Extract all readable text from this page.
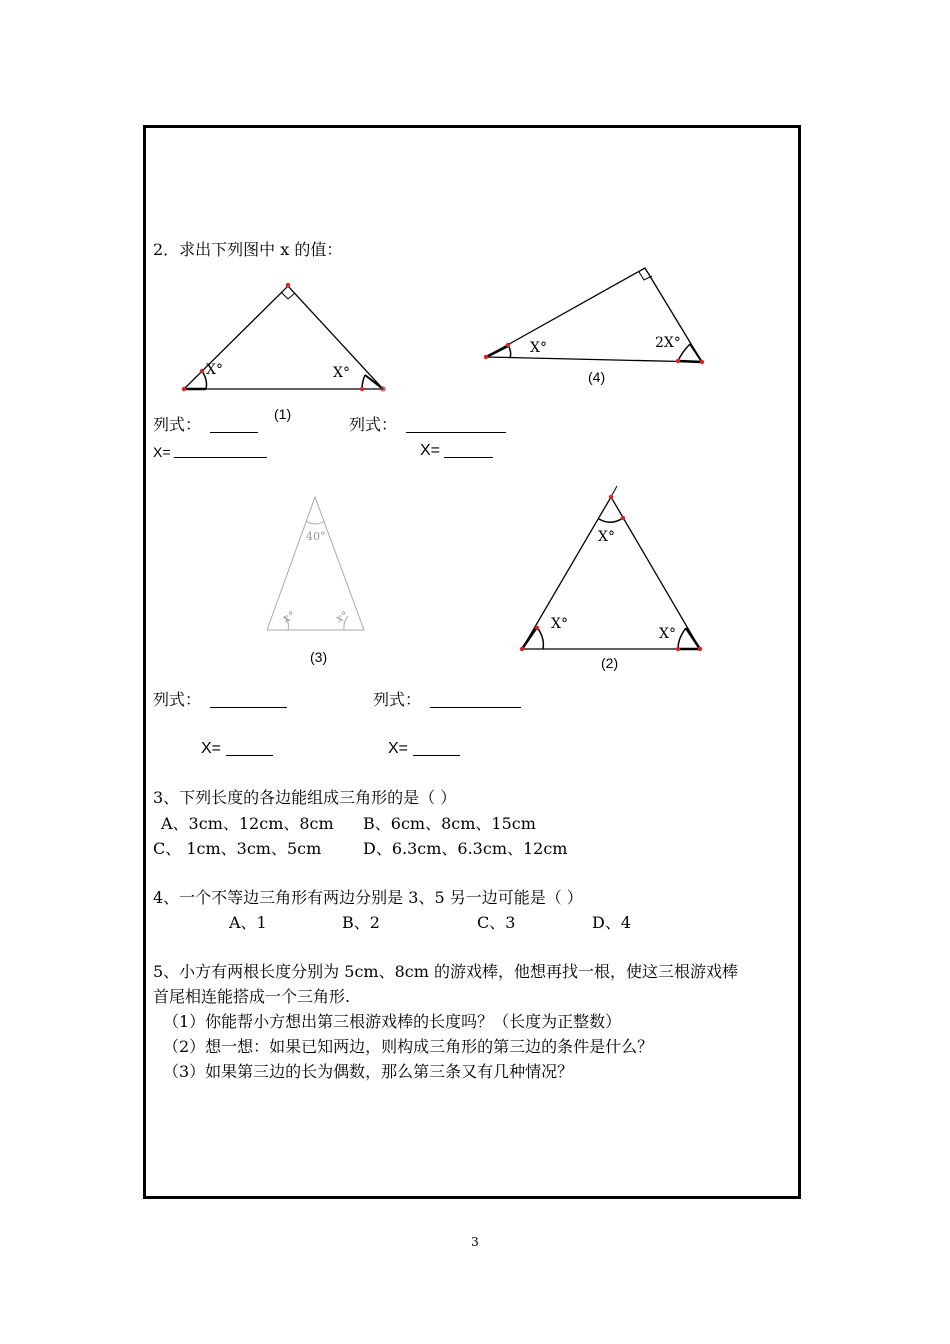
2．求出下列图中 x 的值：
X°	X°
X°	2X°
40°
x°	x°
X°
X°
X°
(1)
(4)
(3)	(2)
列式：	列式：
X=	X=
列式：	列式：
X=	X=
3、下列长度的各边能组成三角形的是（ ）
A、3cm、12cm、8cm B、6cm、8cm、15cm
C、 1cm、3cm、5cm	D、6.3cm、6.3cm、12cm
4、一个不等边三角形有两边分别是 3、5 另一边可能是（ ）
A、1	B、2	C、3	D、4
5、小方有两根长度分别为 5cm、8cm 的游戏棒，他想再找一根，使这三根游戏棒
首尾相连能搭成一个三角形.
（1）你能帮小方想出第三根游戏棒的长度吗？（长度为正整数）
（2）想一想：如果已知两边，则构成三角形的第三边的条件是什么？
（3）如果第三边的长为偶数，那么第三条又有几种情况？
3
